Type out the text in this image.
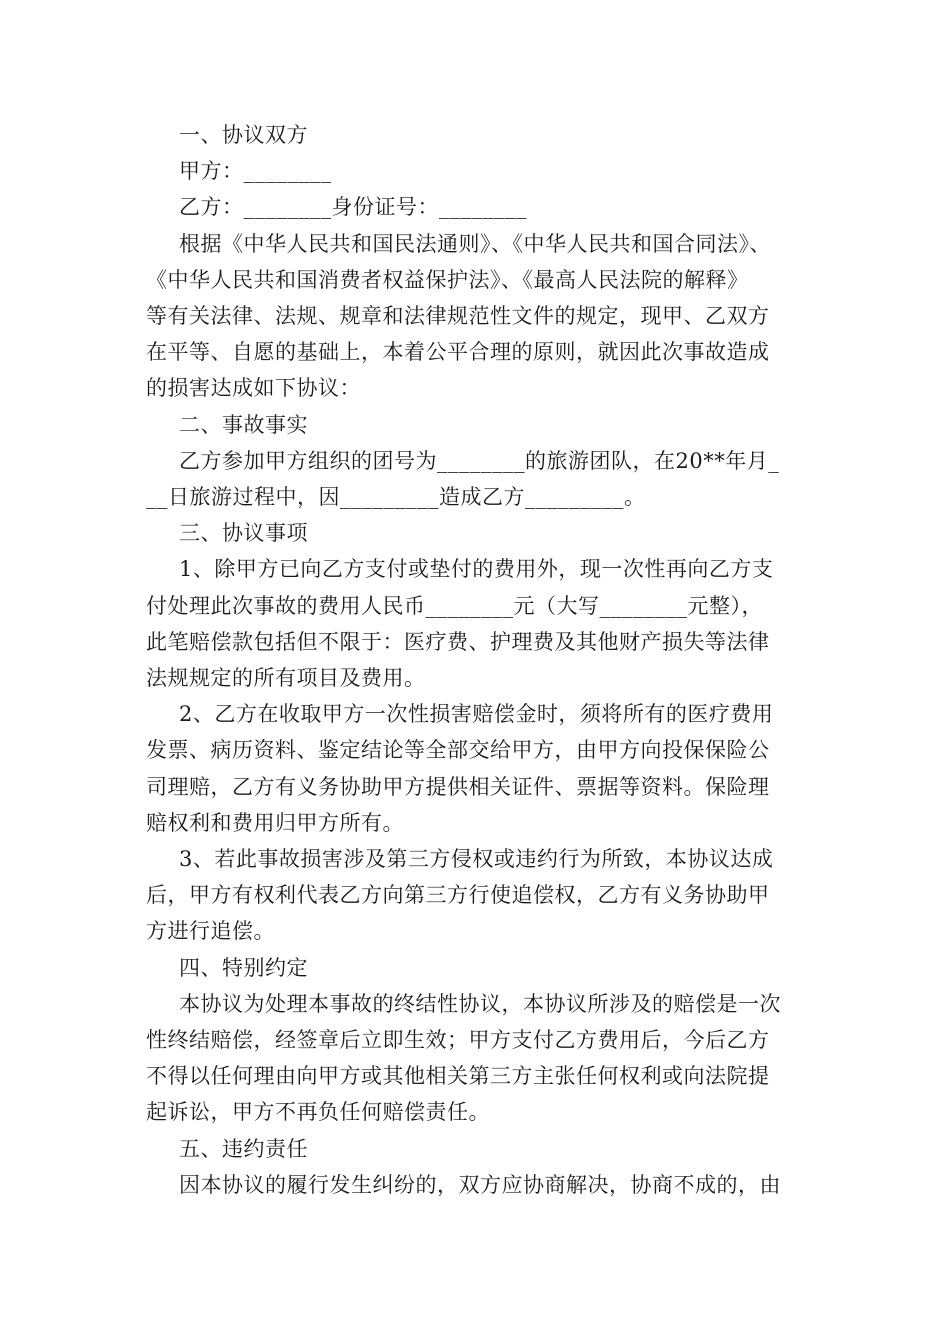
一、协议双方
甲方：________
乙方：________身份证号：________
根据《中华人民共和国民法通则》、《中华人民共和国合同法》、
《中华人民共和国消费者权益保护法》、《最高人民法院的解释》
等有关法律、法规、规章和法律规范性文件的规定，现甲、乙双方
在平等、自愿的基础上，本着公平合理的原则，就因此次事故造成
的损害达成如下协议：
二、事故事实
乙方参加甲方组织的团号为________的旅游团队，在20**年月_
__日旅游过程中，因_________造成乙方_________。
三、协议事项
1、除甲方已向乙方支付或垫付的费用外，现一次性再向乙方支
付处理此次事故的费用人民币________元（大写________元整），
此笔赔偿款包括但不限于：医疗费、护理费及其他财产损失等法律
法规规定的所有项目及费用。
2、乙方在收取甲方一次性损害赔偿金时，须将所有的医疗费用
发票、病历资料、鉴定结论等全部交给甲方，由甲方向投保保险公
司理赔，乙方有义务协助甲方提供相关证件、票据等资料。保险理
赔权利和费用归甲方所有。
3、若此事故损害涉及第三方侵权或违约行为所致，本协议达成
后，甲方有权利代表乙方向第三方行使追偿权，乙方有义务协助甲
方进行追偿。
四、特别约定
本协议为处理本事故的终结性协议，本协议所涉及的赔偿是一次
性终结赔偿，经签章后立即生效；甲方支付乙方费用后，今后乙方
不得以任何理由向甲方或其他相关第三方主张任何权利或向法院提
起诉讼，甲方不再负任何赔偿责任。
五、违约责任
因本协议的履行发生纠纷的，双方应协商解决，协商不成的，由
